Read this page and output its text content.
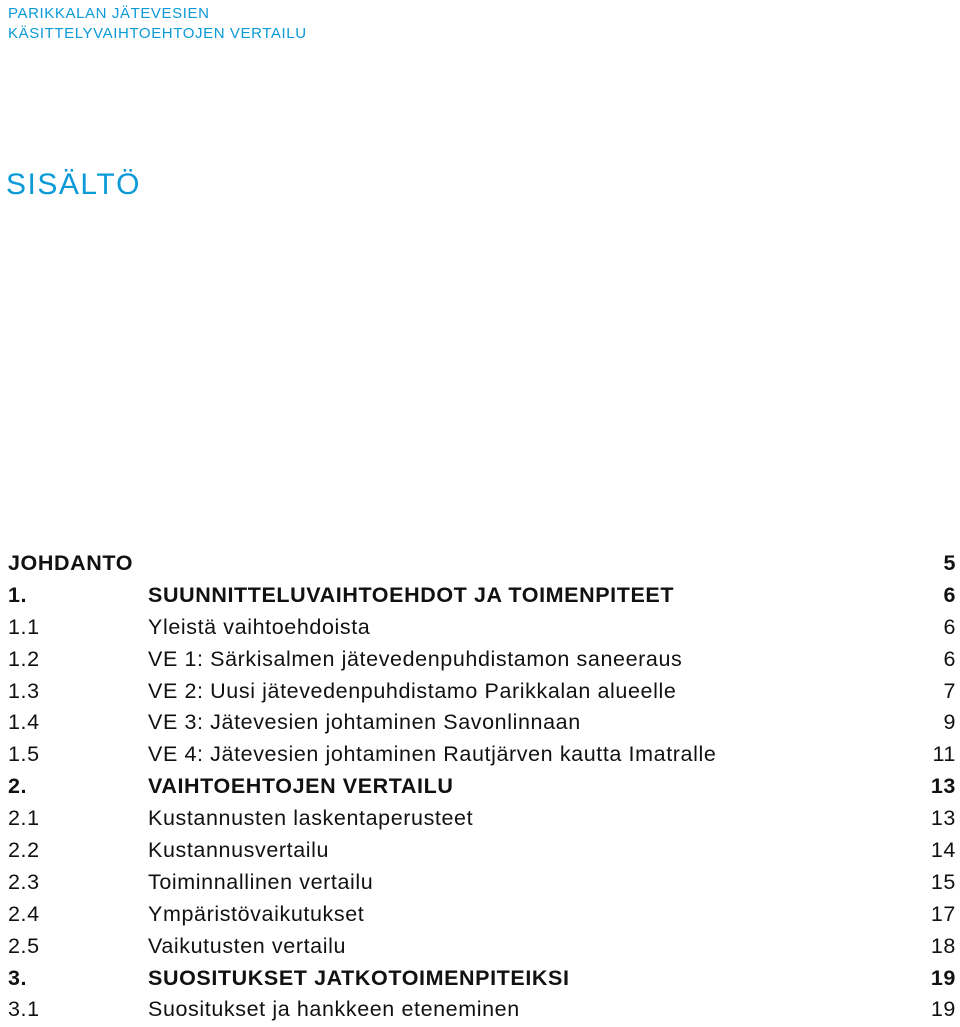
PARIKKALAN JÄTEVESIEN
KÄSITTELYVAIHTOEHTOJEN VERTAILU
SISÄLTÖ
JOHDANTO	5
1.	SUUNNITTELUVAIHTOEHDOT JA TOIMENPITEET	6
1.1	Yleistä vaihtoehdoista	6
1.2	VE 1: Särkisalmen jätevedenpuhdistamon saneeraus	6
1.3	VE 2: Uusi jätevedenpuhdistamo Parikkalan alueelle	7
1.4	VE 3: Jätevesien johtaminen Savonlinnaan	9
1.5	VE 4: Jätevesien johtaminen Rautjärven kautta Imatralle	11
2.	VAIHTOEHTOJEN VERTAILU	13
2.1	Kustannusten laskentaperusteet	13
2.2	Kustannusvertailu	14
2.3	Toiminnallinen vertailu	15
2.4	Ympäristövaikutukset	17
2.5	Vaikutusten vertailu	18
3.	SUOSITUKSET JATKOTOIMENPITEIKSI	19
3.1	Suositukset ja hankkeen eteneminen	19
